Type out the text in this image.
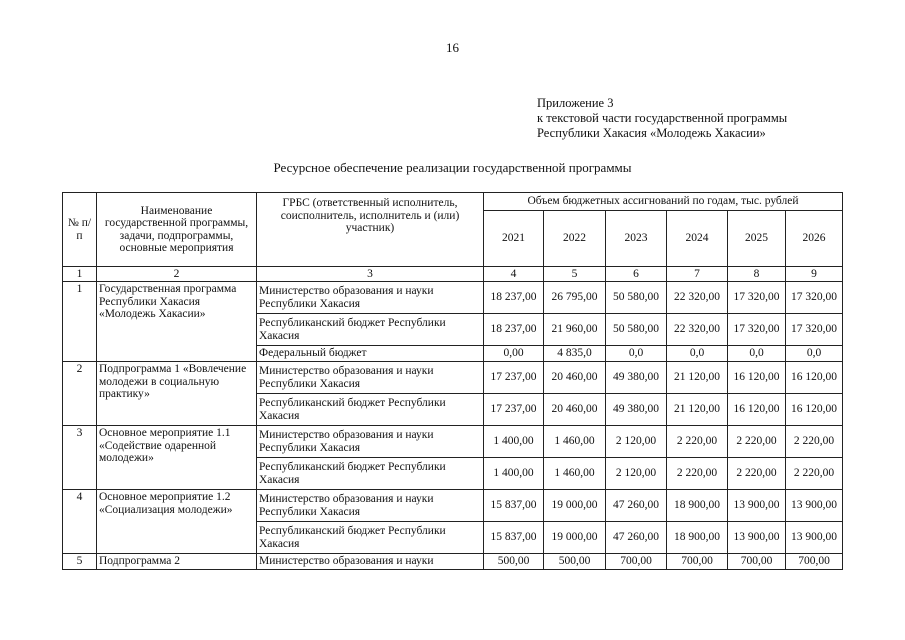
16
Приложение 3
к текстовой части государственной программы
Республики Хакасия «Молодежь Хакасии»
Ресурсное обеспечение реализации государственной программы
№ п/п	Наименование государственной программы, задачи, подпрограммы, основные мероприятия	ГРБС (ответственный исполнитель, соисполнитель, исполнитель и (или) участник)	Объем бюджетных ассигнований по годам, тыс. рублей					
			2021	2022	2023	2024	2025	2026
1	2	3	4	5	6	7	8	9
1	Государственная программа Республики Хакасия «Молодежь Хакасии»	Министерство образования и науки Республики Хакасия	18 237,00	26 795,00	50 580,00	22 320,00	17 320,00	17 320,00
		Республиканский бюджет Республики Хакасия	18 237,00	21 960,00	50 580,00	22 320,00	17 320,00	17 320,00
		Федеральный бюджет	0,00	4 835,0	0,0	0,0	0,0	0,0
2	Подпрограмма 1 «Вовлечение молодежи в социальную практику»	Министерство образования и науки Республики Хакасия	17 237,00	20 460,00	49 380,00	21 120,00	16 120,00	16 120,00
		Республиканский бюджет Республики Хакасия	17 237,00	20 460,00	49 380,00	21 120,00	16 120,00	16 120,00
3	Основное мероприятие 1.1 «Содействие одаренной молодежи»	Министерство образования и науки Республики Хакасия	1 400,00	1 460,00	2 120,00	2 220,00	2 220,00	2 220,00
		Республиканский бюджет Республики Хакасия	1 400,00	1 460,00	2 120,00	2 220,00	2 220,00	2 220,00
4	Основное мероприятие 1.2 «Социализация молодежи»	Министерство образования и науки Республики Хакасия	15 837,00	19 000,00	47 260,00	18 900,00	13 900,00	13 900,00
		Республиканский бюджет Республики Хакасия	15 837,00	19 000,00	47 260,00	18 900,00	13 900,00	13 900,00
5	Подпрограмма 2	Министерство образования и науки	500,00	500,00	700,00	700,00	700,00	700,00
